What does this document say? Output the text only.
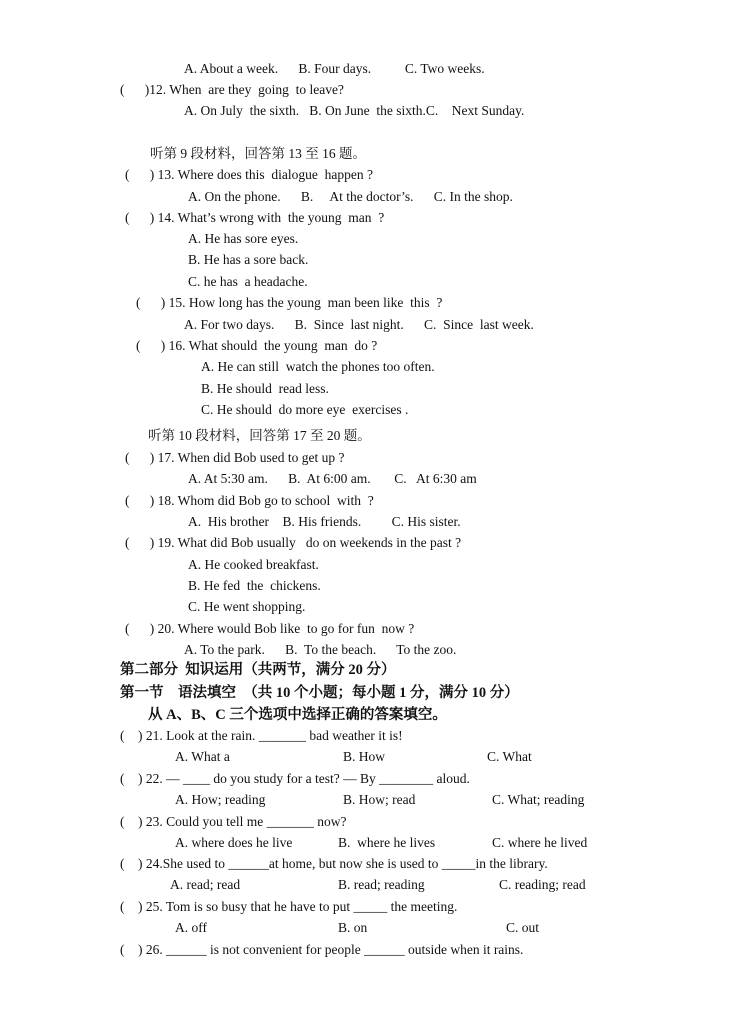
A. About a week.      B. Four days.          C. Two weeks.
(      )12. When  are they  going  to leave?
A. On July  the sixth.   B. On June  the sixth.C.    Next Sunday.
听第 9 段材料，回答第 13 至 16 题。
(      ) 13. Where does this  dialogue  happen ?
A. On the phone.      B.     At the doctor’s.      C. In the shop.
(      ) 14. What’s wrong with  the young  man  ?
A. He has sore eyes.
B. He has a sore back.
C. he has  a headache.
(      ) 15. How long has the young  man been like  this  ?
A. For two days.      B.  Since  last night.      C.  Since  last week.
(      ) 16. What should  the young  man  do ?
A. He can still  watch the phones too often.
B. He should  read less.
C. He should  do more eye  exercises .
听第 10 段材料，回答第 17 至 20 题。
(      ) 17. When did Bob used to get up ?
A. At 5:30 am.      B.  At 6:00 am.       C.   At 6:30 am
(      ) 18. Whom did Bob go to school  with  ?
A.  His brother    B. His friends.         C. His sister.
(      ) 19. What did Bob usually   do on weekends in the past ?
A. He cooked breakfast.
B. He fed  the  chickens.
C. He went shopping.
(      ) 20. Where would Bob like  to go for fun  now ?
A. To the park.      B.  To the beach.      To the zoo.
第二部分  知识运用（共两节，满分 20 分）
第一节    语法填空  （共 10 个小题；每小题 1 分，满分 10 分）
从 A、B、C 三个选项中选择正确的答案填空。
(    ) 21. Look at the rain. _______ bad weather it is!
A. What a	B. How	C. What
(    ) 22. — ____ do you study for a test? — By ________ aloud.
A. How; reading	B. How; read	C. What; reading
(    ) 23. Could you tell me _______ now?
A. where does he live	B.  where he lives	C. where he lived
(    ) 24.She used to ______at home, but now she is used to _____in the library.
A. read; read	B. read; reading	C. reading; read
(    ) 25. Tom is so busy that he have to put _____ the meeting.
A. off	B. on	C. out
(    ) 26. ______ is not convenient for people ______ outside when it rains.
